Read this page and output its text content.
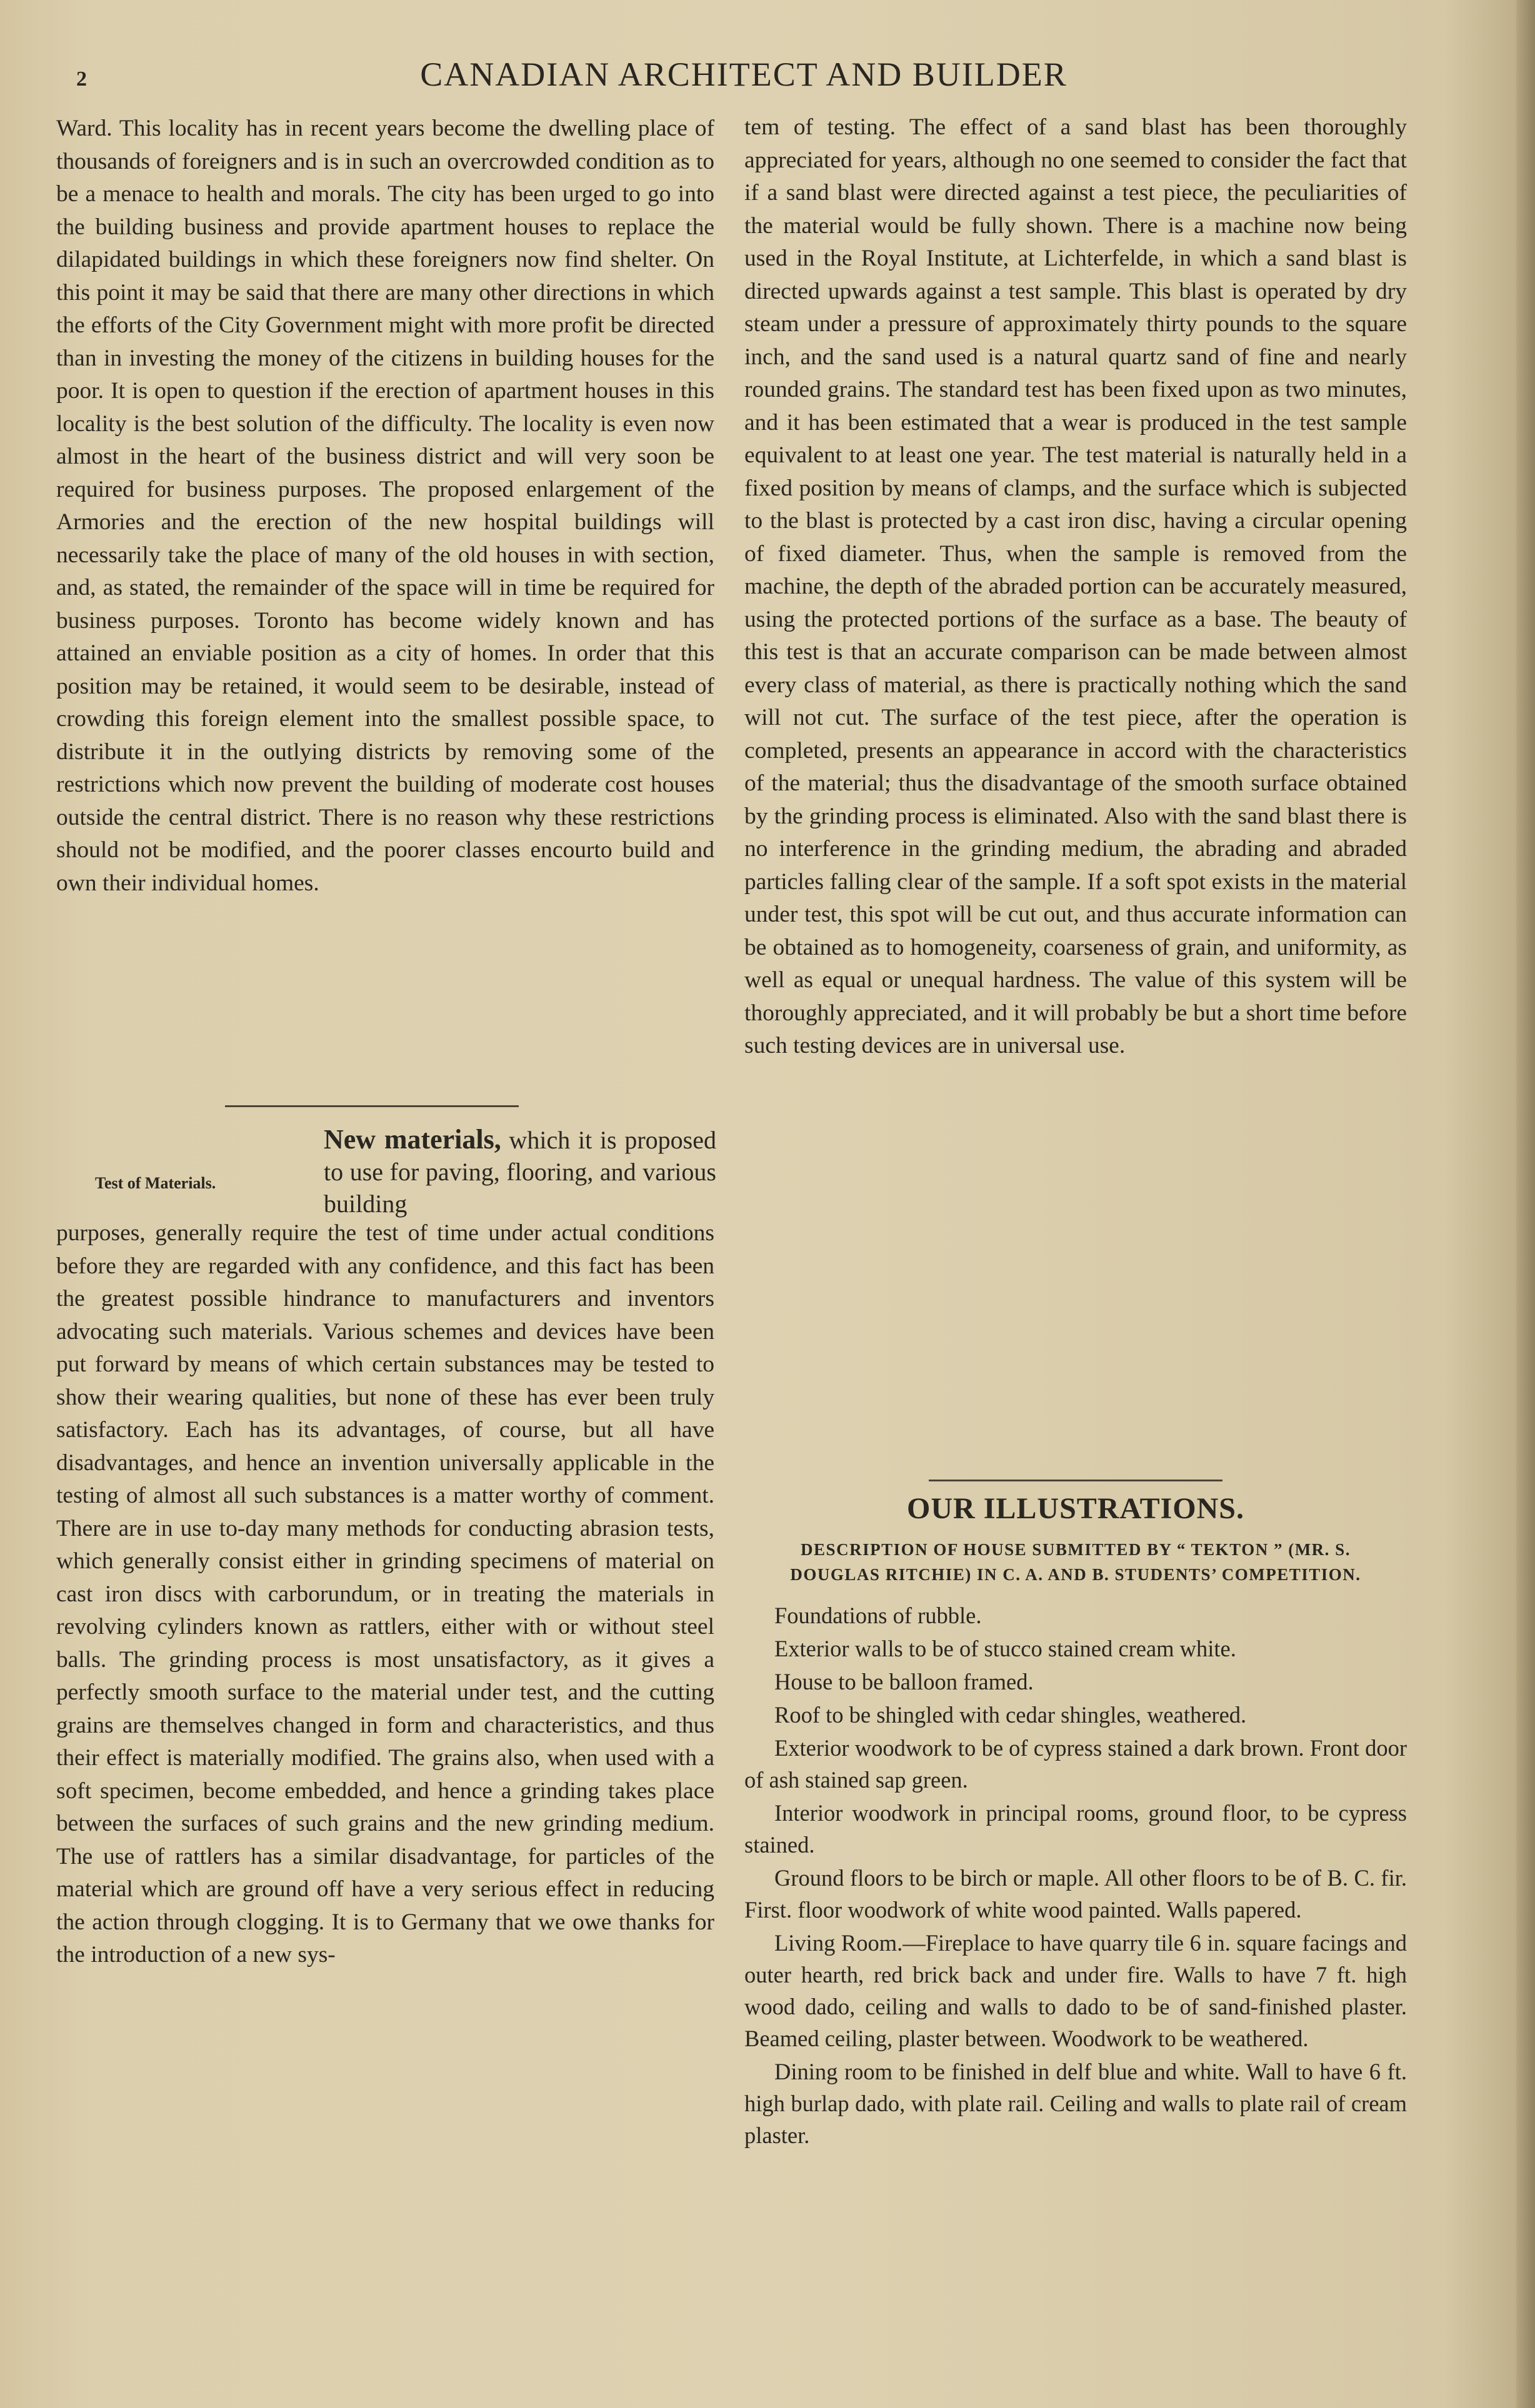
2	CANADIAN ARCHITECT AND BUILDER

Ward. This locality has in recent years become the dwelling place of thousands of foreigners and is in such an overcrowded condition as to be a menace to health and morals. The city has been urged to go into the building business and provide apartment houses to replace the dilapidated buildings in which these foreigners now find shelter. On this point it may be said that there are many other directions in which the efforts of the City Government might with more profit be directed than in investing the money of the citizens in building houses for the poor. It is open to question if the erection of apartment houses in this locality is the best solution of the difficulty. The locality is even now almost in the heart of the business district and will very soon be required for business purposes. The proposed enlargement of the Armories and the erection of the new hospital buildings will necessarily take the place of many of the old houses in with section, and, as stated, the remainder of the space will in time be required for business purposes. Toronto has become widely known and has attained an enviable position as a city of homes. In order that this position may be retained, it would seem to be desirable, instead of crowding this foreign element into the smallest possible space, to distribute it in the outlying districts by removing some of the restrictions which now prevent the building of moderate cost houses outside the central district. There is no reason why these restrictions should not be modified, and the poorer classes encourto build and own their individual homes.

Test of Materials.
New materials, which it is proposed to use for paving, flooring, and various building

purposes, generally require the test of time under actual conditions before they are regarded with any confidence, and this fact has been the greatest possible hindrance to manufacturers and inventors advocating such materials. Various schemes and devices have been put forward by means of which certain substances may be tested to show their wearing qualities, but none of these has ever been truly satisfactory. Each has its advantages, of course, but all have disadvantages, and hence an invention universally applicable in the testing of almost all such substances is a matter worthy of comment. There are in use to-day many methods for conducting abrasion tests, which generally consist either in grinding specimens of material on cast iron discs with carborundum, or in treating the materials in revolving cylinders known as rattlers, either with or without steel balls. The grinding process is most unsatisfactory, as it gives a perfectly smooth surface to the material under test, and the cutting grains are themselves changed in form and characteristics, and thus their effect is materially modified. The grains also, when used with a soft specimen, become embedded, and hence a grinding takes place between the surfaces of such grains and the new grinding medium. The use of rattlers has a similar disadvantage, for particles of the material which are ground off have a very serious effect in reducing the action through clogging. It is to Germany that we owe thanks for the introduction of a new sys-

tem of testing. The effect of a sand blast has been thoroughly appreciated for years, although no one seemed to consider the fact that if a sand blast were directed against a test piece, the peculiarities of the material would be fully shown. There is a machine now being used in the Royal Institute, at Lichterfelde, in which a sand blast is directed upwards against a test sample. This blast is operated by dry steam under a pressure of approximately thirty pounds to the square inch, and the sand used is a natural quartz sand of fine and nearly rounded grains. The standard test has been fixed upon as two minutes, and it has been estimated that a wear is produced in the test sample equivalent to at least one year. The test material is naturally held in a fixed position by means of clamps, and the surface which is subjected to the blast is protected by a cast iron disc, having a circular opening of fixed diameter. Thus, when the sample is removed from the machine, the depth of the abraded portion can be accurately measured, using the protected portions of the surface as a base. The beauty of this test is that an accurate comparison can be made between almost every class of material, as there is practically nothing which the sand will not cut. The surface of the test piece, after the operation is completed, presents an appearance in accord with the characteristics of the material; thus the disadvantage of the smooth surface obtained by the grinding process is eliminated. Also with the sand blast there is no interference in the grinding medium, the abrading and abraded particles falling clear of the sample. If a soft spot exists in the material under test, this spot will be cut out, and thus accurate information can be obtained as to homogeneity, coarseness of grain, and uniformity, as well as equal or unequal hardness. The value of this system will be thoroughly appreciated, and it will probably be but a short time before such testing devices are in universal use.

OUR ILLUSTRATIONS.
DESCRIPTION OF HOUSE SUBMITTED BY “ TEKTON ” (MR. S. DOUGLAS RITCHIE) IN C. A. AND B. STUDENTS’ COMPETITION.

Foundations of rubble.

Exterior walls to be of stucco stained cream white.

House to be balloon framed.

Roof to be shingled with cedar shingles, weathered.

Exterior woodwork to be of cypress stained a dark brown. Front door of ash stained sap green.

Interior woodwork in principal rooms, ground floor, to be cypress stained.

Ground floors to be birch or maple. All other floors to be of B. C. fir. First. floor woodwork of white wood painted. Walls papered.

Living Room.—Fireplace to have quarry tile 6 in. square facings and outer hearth, red brick back and under fire. Walls to have 7 ft. high wood dado, ceiling and walls to dado to be of sand-finished plaster. Beamed ceiling, plaster between. Woodwork to be weathered.

Dining room to be finished in delf blue and white. Wall to have 6 ft. high burlap dado, with plate rail. Ceiling and walls to plate rail of cream plaster.
